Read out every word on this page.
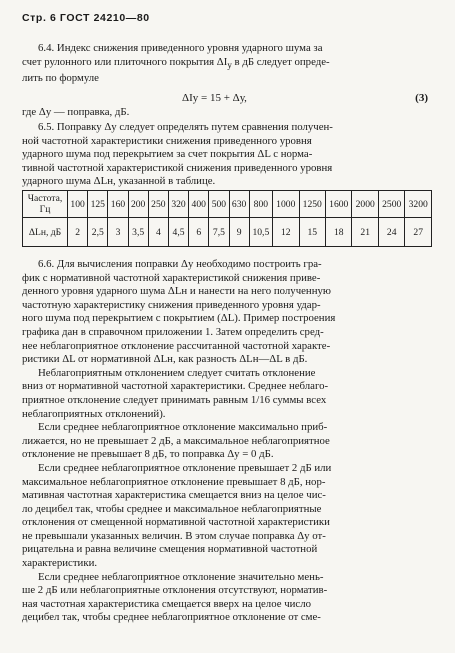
Стр. 6 ГОСТ 24210—80
6.4. Индекс снижения приведенного уровня ударного шума за
счет рулонного или плиточного покрытия $\Delta I_у$ в дБ следует опреде-
лить по формуле
ΔIу = 15 + Δу,	(3)
где Δу — поправка, дБ.
6.5. Поправку Δу следует определять путем сравнения получен-
ной частотной характеристики снижения приведенного уровня
ударного шума под перекрытием за счет покрытия ΔL с норма-
тивной частотной характеристикой снижения приведенного уровня
ударного шума ΔLн, указанной в таблице.
Частота,
Гц	100	125	160	200	250	320	400	500	630	800	1000	1250	1600	2000	2500	3200
ΔLн, дБ	2	2,5	3	3,5	4	4,5	6	7,5	9	10,5	12	15	18	21	24	27
6.6. Для вычисления поправки Δу необходимо построить гра-
фик с нормативной частотной характеристикой снижения приве-
денного уровня ударного шума ΔLн и нанести на него полученную
частотную характеристику снижения приведенного уровня удар-
ного шума под перекрытием с покрытием (ΔL). Пример построения
графика дан в справочном приложении 1. Затем определить сред-
нее неблагоприятное отклонение рассчитанной частотной характе-
ристики ΔL от нормативной ΔLн, как разность ΔLн—ΔL в дБ.
Неблагоприятным отклонением следует считать отклонение
вниз от нормативной частотной характеристики. Среднее неблаго-
приятное отклонение следует принимать равным 1/16 суммы всех
неблагоприятных отклонений).
Если среднее неблагоприятное отклонение максимально приб-
лижается, но не превышает 2 дБ, а максимальное неблагоприятное
отклонение не превышает 8 дБ, то поправка Δу = 0 дБ.
Если среднее неблагоприятное отклонение превышает 2 дБ или
максимальное неблагоприятное отклонение превышает 8 дБ, нор-
мативная частотная характеристика смещается вниз на целое чис-
ло децибел так, чтобы среднее и максимальное неблагоприятные
отклонения от смещенной нормативной частотной характеристики
не превышали указанных величин. В этом случае поправка Δу от-
рицательна и равна величине смещения нормативной частотной
характеристики.
Если среднее неблагоприятное отклонение значительно мень-
ше 2 дБ или неблагоприятные отклонения отсутствуют, норматив-
ная частотная характеристика смещается вверх на целое число
децибел так, чтобы среднее неблагоприятное отклонение от сме-
